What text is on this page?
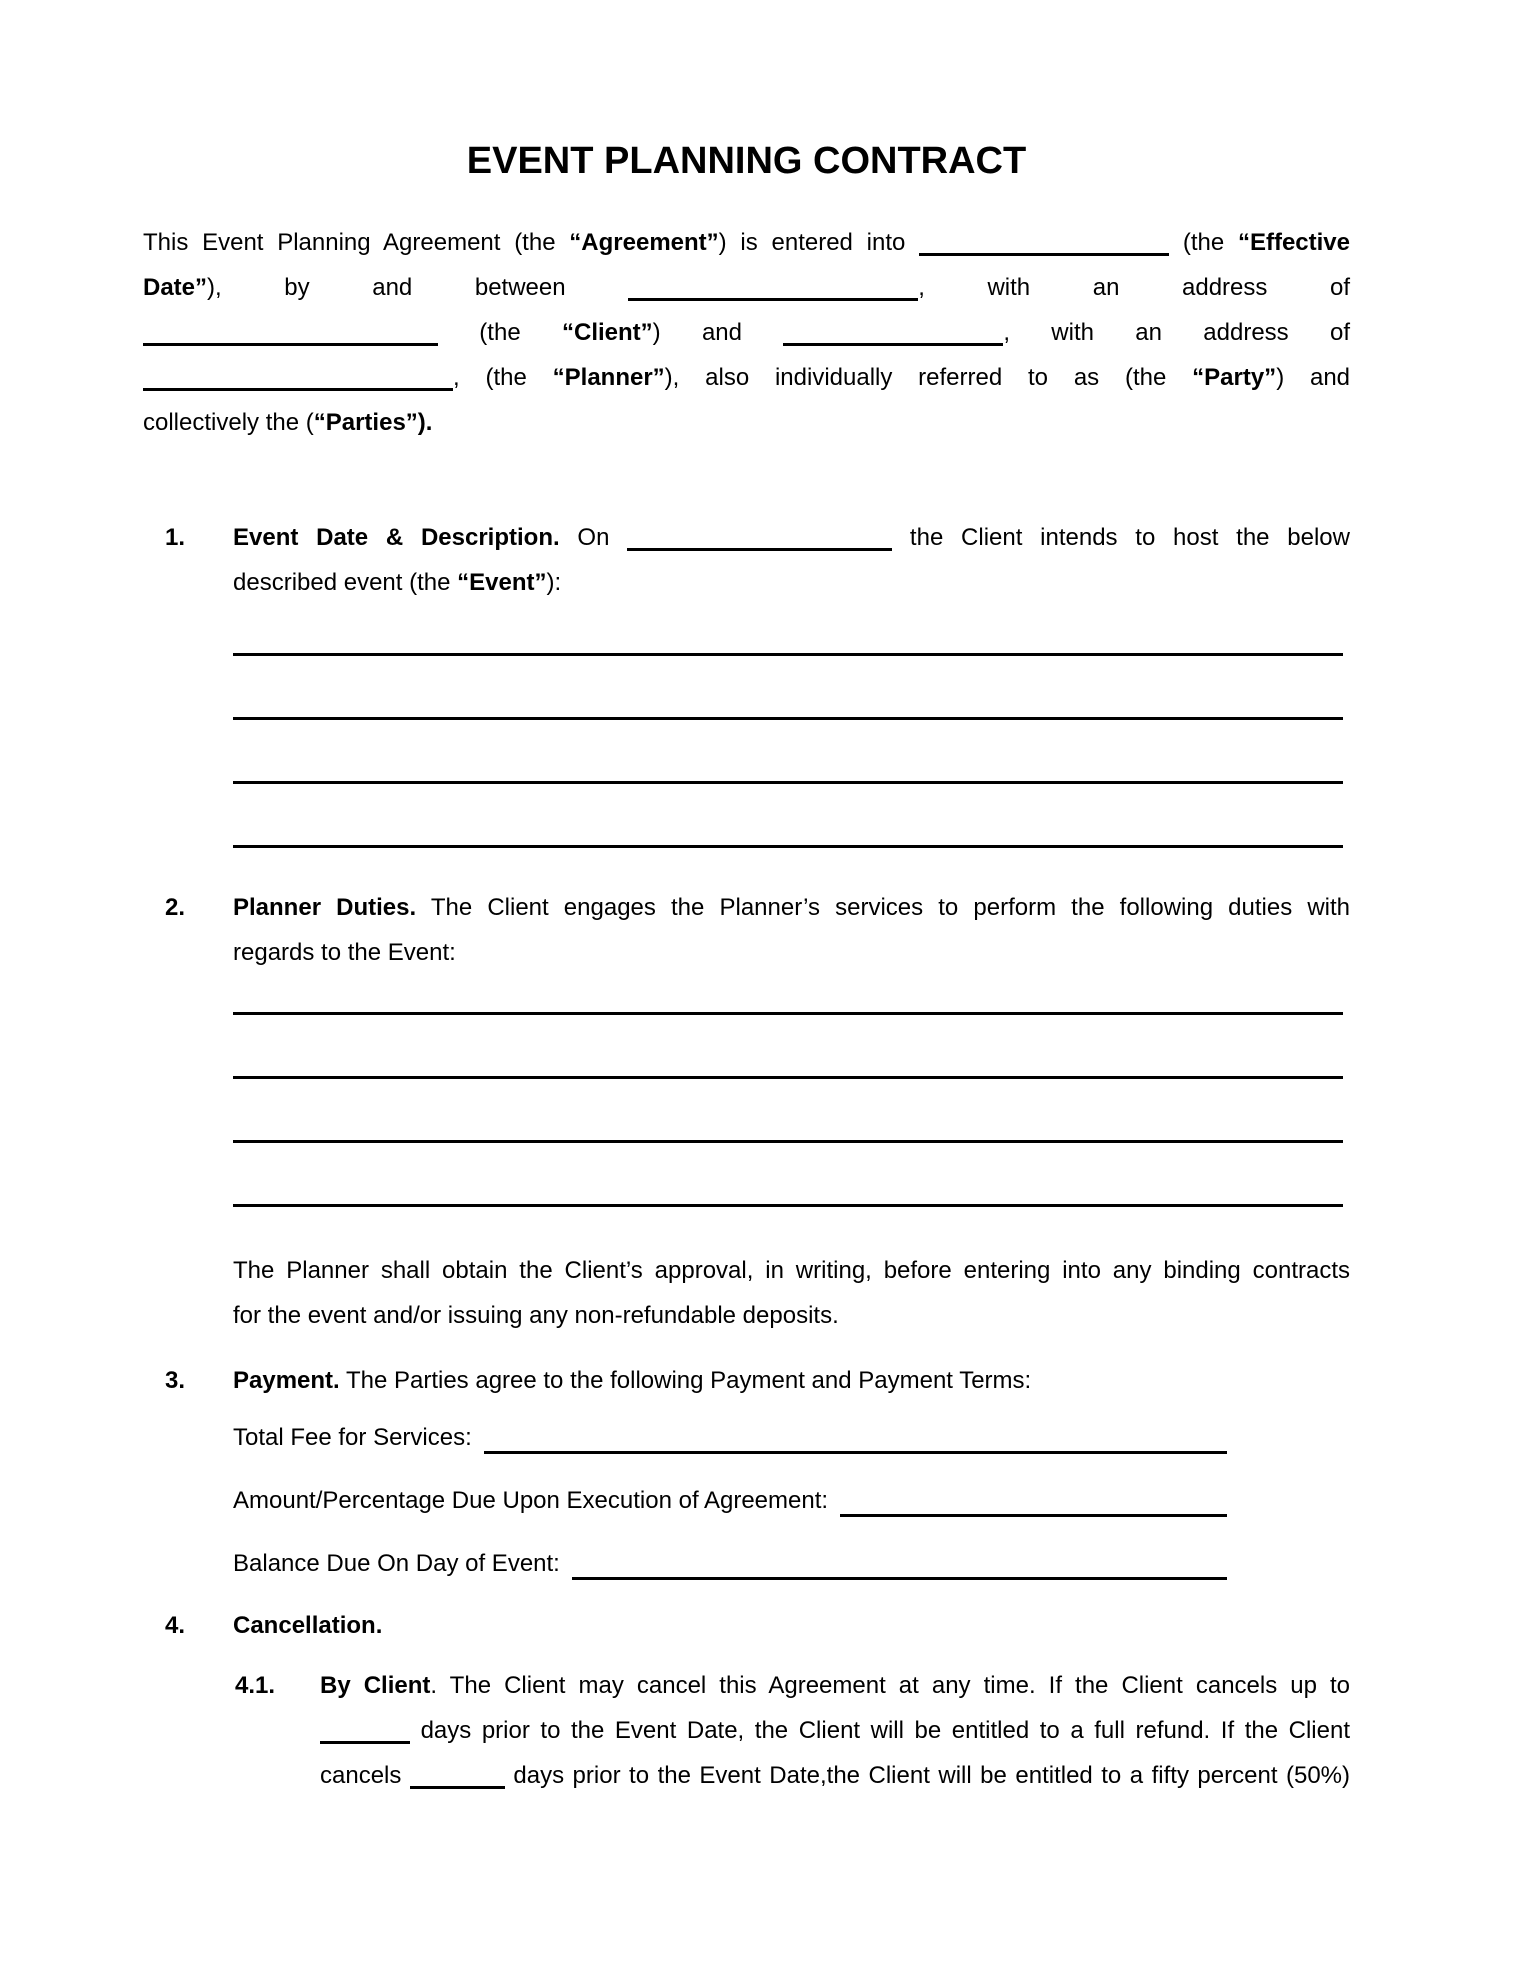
EVENT PLANNING CONTRACT
This Event Planning Agreement (the “Agreement”) is entered into	(the “Effective
Date”), by and between	, with an address of
(the “Client”) and	, with an address of
, (the “Planner”), also individually referred to as (the “Party”) and
collectively the (“Parties”).
1. Event Date & Description. On	the Client intends to host the below
described event (the “Event”):
2. Planner Duties. The Client engages the Planner’s services to perform the following duties with
regards to the Event:
The Planner shall obtain the Client’s approval, in writing, before entering into any binding contracts
for the event and/or issuing any non-refundable deposits.
3. Payment. The Parties agree to the following Payment and Payment Terms:
Total Fee for Services:
Amount/Percentage Due Upon Execution of Agreement:
Balance Due On Day of Event:
4. Cancellation.
4.1. By Client. The Client may cancel this Agreement at any time. If the Client cancels up to
days prior to the Event Date, the Client will be entitled to a full refund. If the Client
cancels	days prior to the Event Date,the Client will be entitled to a fifty percent (50%)
